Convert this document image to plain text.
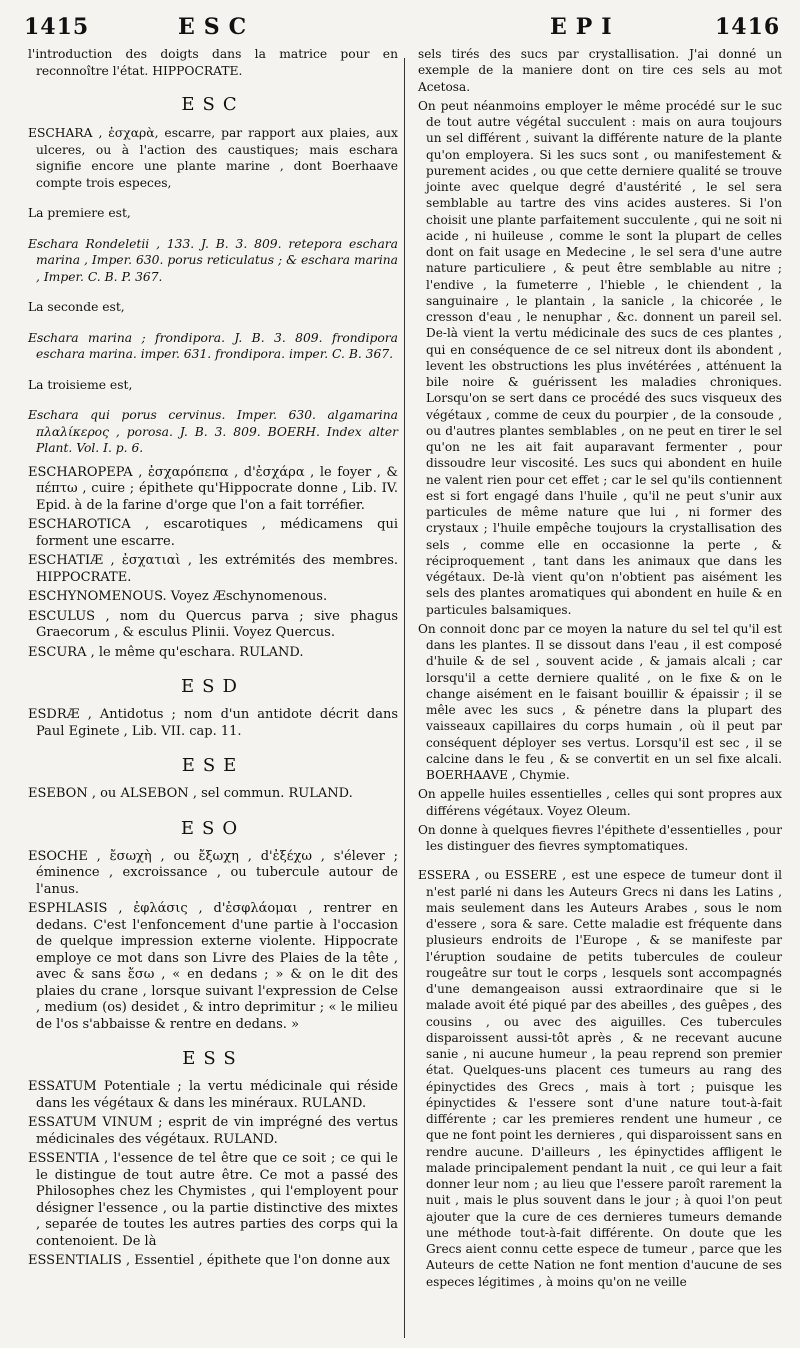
1415	ESC	EPI	1416

l'introduction des doigts dans la matrice pour en reconnoître l'état. HIPPOCRATE.

ESC

ESCHARA , ἐσχαρὰ, escarre, par rapport aux plaies, aux ulceres, ou à l'action des caustiques; mais eschara signifie encore une plante marine , dont Boerhaave compte trois especes,

La premiere est,

Eschara Rondeletii , 133. J. B. 3. 809. retepora eschara marina , Imper. 630. porus reticulatus ; & eschara marina , Imper. C. B. P. 367.

La seconde est,

Eschara marina ; frondipora. J. B. 3. 809. frondipora eschara marina. imper. 631. frondipora. imper. C. B. 367.

La troisieme est,

Eschara qui porus cervinus. Imper. 630. algamarina πλαλίκερος , porosa. J. B. 3. 809. BOERH. Index alter Plant. Vol. I. p. 6.

ESCHAROPEPA , ἐσχαρόπεπα , d'ἐσχάρα , le foyer , & πέπτω , cuire ; épithete qu'Hippocrate donne , Lib. IV. Epid. à de la farine d'orge que l'on a fait torréfier.

ESCHAROTICA , escarotiques , médicamens qui forment une escarre.

ESCHATIÆ , ἐσχατιαὶ , les extrémités des membres. HIPPOCRATE.

ESCHYNOMENOUS. Voyez Æschynomenous.

ESCULUS , nom du Quercus parva ; sive phagus Graecorum , & esculus Plinii. Voyez Quercus.

ESCURA , le même qu'eschara. RULAND.

ESD

ESDRÆ , Antidotus ; nom d'un antidote décrit dans Paul Eginete , Lib. VII. cap. 11.

ESE

ESEBON , ou ALSEBON , sel commun. RULAND.

ESO

ESOCHE , ἔσωχὴ , ou ἔξωχη , d'ἐξέχω , s'élever ; éminence , excroissance , ou tubercule autour de l'anus.

ESPHLASIS , ἐφλάσις , d'ἐσφλάομαι , rentrer en dedans. C'est l'enfoncement d'une partie à l'occasion de quelque impression externe violente. Hippocrate employe ce mot dans son Livre des Plaies de la tête , avec & sans ἔσω , « en dedans ; » & on le dit des plaies du crane , lorsque suivant l'expression de Celse , medium (os) desidet , & intro deprimitur ; « le milieu de l'os s'abbaisse & rentre en dedans. »

ESS

ESSATUM Potentiale ; la vertu médicinale qui réside dans les végétaux & dans les minéraux. RULAND.

ESSATUM VINUM ; esprit de vin imprégné des vertus médicinales des végétaux. RULAND.

ESSENTIA , l'essence de tel être que ce soit ; ce qui le le distingue de tout autre être. Ce mot a passé des Philosophes chez les Chymistes , qui l'employent pour désigner l'essence , ou la partie distinctive des mixtes , separée de toutes les autres parties des corps qui la contenoient. De là

ESSENTIALIS , Essentiel , épithete que l'on donne aux

sels tirés des sucs par crystallisation. J'ai donné un exemple de la maniere dont on tire ces sels au mot Acetosa.

On peut néanmoins employer le même procédé sur le suc de tout autre végétal succulent : mais on aura toujours un sel différent , suivant la différente nature de la plante qu'on employera. Si les sucs sont , ou manifestement & purement acides , ou que cette derniere qualité se trouve jointe avec quelque degré d'austérité , le sel sera semblable au tartre des vins acides austeres. Si l'on choisit une plante parfaitement succulente , qui ne soit ni acide , ni huileuse , comme le sont la plupart de celles dont on fait usage en Medecine , le sel sera d'une autre nature particuliere , & peut être semblable au nitre ; l'endive , la fumeterre , l'hieble , le chiendent , la sanguinaire , le plantain , la sanicle , la chicorée , le cresson d'eau , le nenuphar , &c. donnent un pareil sel. De-là vient la vertu médicinale des sucs de ces plantes , qui en conséquence de ce sel nitreux dont ils abondent , levent les obstructions les plus invétérées , atténuent la bile noire & guérissent les maladies chroniques. Lorsqu'on se sert dans ce procédé des sucs visqueux des végétaux , comme de ceux du pourpier , de la consoude , ou d'autres plantes semblables , on ne peut en tirer le sel qu'on ne les ait fait auparavant fermenter , pour dissoudre leur viscosité. Les sucs qui abondent en huile ne valent rien pour cet effet ; car le sel qu'ils contiennent est si fort engagé dans l'huile , qu'il ne peut s'unir aux particules de même nature que lui , ni former des crystaux ; l'huile empêche toujours la crystallisation des sels , comme elle en occasionne la perte , & réciproquement , tant dans les animaux que dans les végétaux. De-là vient qu'on n'obtient pas aisément les sels des plantes aromatiques qui abondent en huile & en particules balsamiques.

On connoit donc par ce moyen la nature du sel tel qu'il est dans les plantes. Il se dissout dans l'eau , il est composé d'huile & de sel , souvent acide , & jamais alcali ; car lorsqu'il a cette derniere qualité , on le fixe & on le change aisément en le faisant bouillir & épaissir ; il se mêle avec les sucs , & pénetre dans la plupart des vaisseaux capillaires du corps humain , où il peut par conséquent déployer ses vertus. Lorsqu'il est sec , il se calcine dans le feu , & se convertit en un sel fixe alcali. BOERHAAVE , Chymie.

On appelle huiles essentielles , celles qui sont propres aux différens végétaux. Voyez Oleum.

On donne à quelques fievres l'épithete d'essentielles , pour les distinguer des fievres symptomatiques.

ESSERA , ou ESSERE , est une espece de tumeur dont il n'est parlé ni dans les Auteurs Grecs ni dans les Latins , mais seulement dans les Auteurs Arabes , sous le nom d'essere , sora & sare. Cette maladie est fréquente dans plusieurs endroits de l'Europe , & se manifeste par l'éruption soudaine de petits tubercules de couleur rougeâtre sur tout le corps , lesquels sont accompagnés d'une demangeaison aussi extraordinaire que si le malade avoit été piqué par des abeilles , des guêpes , des cousins , ou avec des aiguilles. Ces tubercules disparoissent aussi-tôt après , & ne recevant aucune sanie , ni aucune humeur , la peau reprend son premier état. Quelques-uns placent ces tumeurs au rang des épinyctides des Grecs , mais à tort ; puisque les épinyctides & l'essere sont d'une nature tout-à-fait différente ; car les premieres rendent une humeur , ce que ne font point les dernieres , qui disparoissent sans en rendre aucune. D'ailleurs , les épinyctides affligent le malade principalement pendant la nuit , ce qui leur a fait donner leur nom ; au lieu que l'essere paroît rarement la nuit , mais le plus souvent dans le jour ; à quoi l'on peut ajouter que la cure de ces dernieres tumeurs demande une méthode tout-à-fait différente. On doute que les Grecs aient connu cette espece de tumeur , parce que les Auteurs de cette Nation ne font mention d'aucune de ses especes légitimes , à moins qu'on ne veille
